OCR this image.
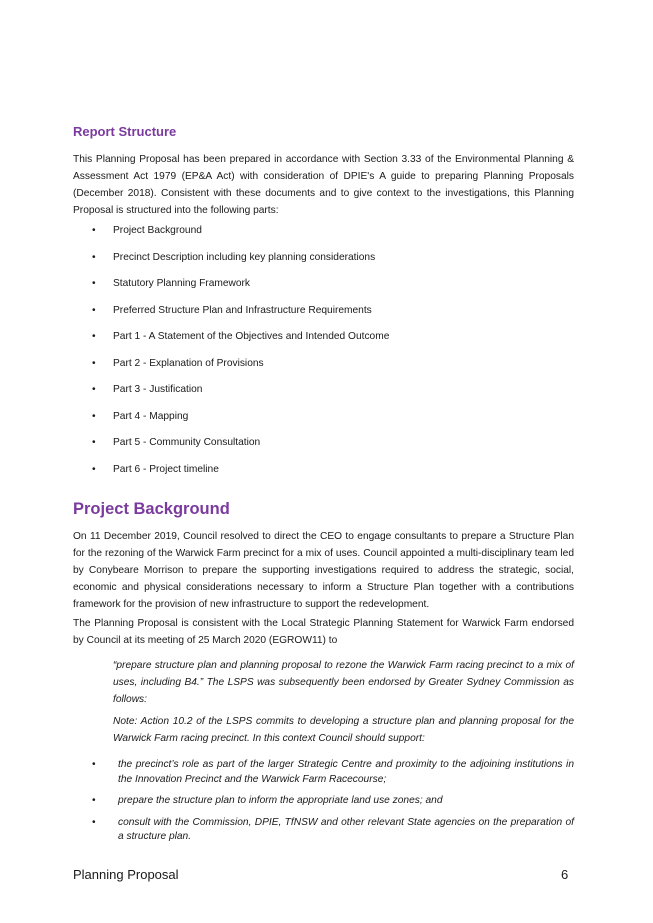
Report Structure

This Planning Proposal has been prepared in accordance with Section 3.33 of the Environmental Planning & Assessment Act 1979 (EP&A Act) with consideration of DPIE's A guide to preparing Planning Proposals (December 2018). Consistent with these documents and to give context to the investigations, this Planning Proposal is structured into the following parts:

• Project Background
• Precinct Description including key planning considerations
• Statutory Planning Framework
• Preferred Structure Plan and Infrastructure Requirements
• Part 1 - A Statement of the Objectives and Intended Outcome
• Part 2 - Explanation of Provisions
• Part 3 - Justification
• Part 4 - Mapping
• Part 5 - Community Consultation
• Part 6 - Project timeline
Project Background

On 11 December 2019, Council resolved to direct the CEO to engage consultants to prepare a Structure Plan for the rezoning of the Warwick Farm precinct for a mix of uses. Council appointed a multi-disciplinary team led by Conybeare Morrison to prepare the supporting investigations required to address the strategic, social, economic and physical considerations necessary to inform a Structure Plan together with a contributions framework for the provision of new infrastructure to support the redevelopment.

The Planning Proposal is consistent with the Local Strategic Planning Statement for Warwick Farm endorsed by Council at its meeting of 25 March 2020 (EGROW11) to

“prepare structure plan and planning proposal to rezone the Warwick Farm racing precinct to a mix of uses, including B4.” The LSPS was subsequently been endorsed by Greater Sydney Commission as follows:

Note: Action 10.2 of the LSPS commits to developing a structure plan and planning proposal for the Warwick Farm racing precinct. In this context Council should support:

• the precinct’s role as part of the larger Strategic Centre and proximity to the adjoining institutions in the Innovation Precinct and the Warwick Farm Racecourse;
• prepare the structure plan to inform the appropriate land use zones; and
• consult with the Commission, DPIE, TfNSW and other relevant State agencies on the preparation of a structure plan.
Planning Proposal	6
